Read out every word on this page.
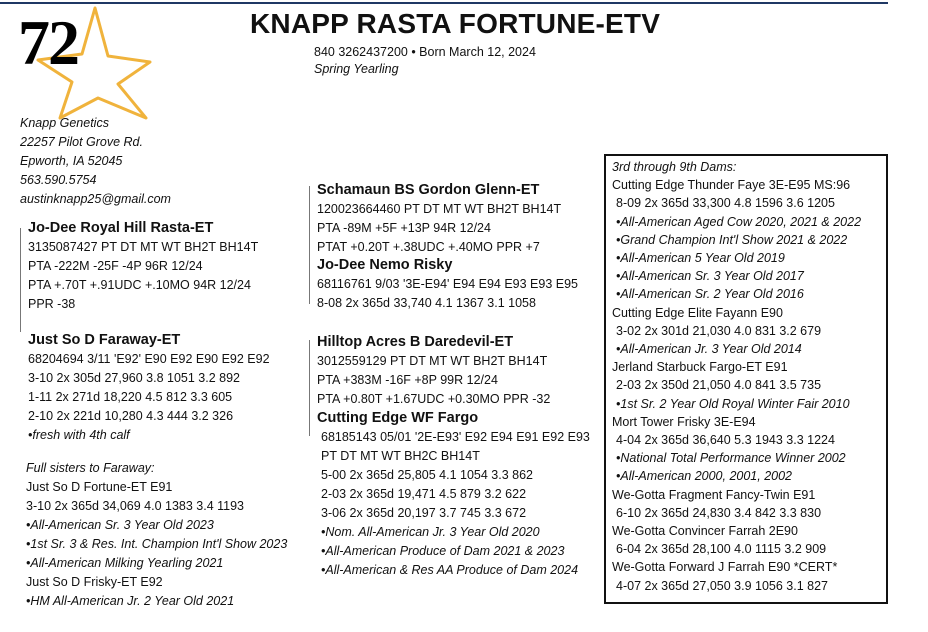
72	KNAPP RASTA FORTUNE-ETV
840 3262437200 • Born March 12, 2024
Spring Yearling
Knapp Genetics
22257 Pilot Grove Rd.
Epworth, IA 52045
563.590.5754
austinknapp25@gmail.com
Jo-Dee Royal Hill Rasta-ET
3135087427 PT DT MT WT BH2T BH14T
PTA -222M -25F -4P 96R 12/24
PTA +.70T +.91UDC +.10MO 94R 12/24
PPR -38
Just So D Faraway-ET
68204694 3/11 'E92' E90 E92 E90 E92 E92
3-10 2x 305d 27,960 3.8 1051 3.2 892
1-11 2x 271d 18,220 4.5 812 3.3 605
2-10 2x 221d 10,280 4.3 444 3.2 326
•fresh with 4th calf
Full sisters to Faraway:
Just So D Fortune-ET E91
3-10 2x 365d 34,069 4.0 1383 3.4 1193
•All-American Sr. 3 Year Old 2023
•1st Sr. 3 & Res. Int. Champion Int'l Show 2023
•All-American Milking Yearling 2021
Just So D Frisky-ET E92
•HM All-American Jr. 2 Year Old 2021
Schamaun BS Gordon Glenn-ET
120023664460 PT DT MT WT BH2T BH14T
PTA -89M +5F +13P 94R 12/24
PTAT +0.20T +.38UDC +.40MO PPR +7
Jo-Dee Nemo Risky
68116761 9/03 '3E-E94' E94 E94 E93 E93 E95
8-08 2x 365d 33,740 4.1 1367 3.1 1058
Hilltop Acres B Daredevil-ET
3012559129 PT DT MT WT BH2T BH14T
PTA +383M -16F +8P 99R 12/24
PTA +0.80T +1.67UDC +0.30MO PPR -32
Cutting Edge WF Fargo
68185143 05/01 '2E-E93' E92 E94 E91 E92 E93
PT DT MT WT BH2C BH14T
5-00 2x 365d 25,805 4.1 1054 3.3 862
2-03 2x 365d 19,471 4.5 879 3.2 622
3-06 2x 365d 20,197 3.7 745 3.3 672
•Nom. All-American Jr. 3 Year Old 2020
•All-American Produce of Dam 2021 & 2023
•All-American & Res AA Produce of Dam 2024
3rd through 9th Dams:
Cutting Edge Thunder Faye 3E-E95 MS:96
8-09 2x 365d 33,300 4.8 1596 3.6 1205
•All-American Aged Cow 2020, 2021 & 2022
•Grand Champion Int'l Show 2021 & 2022
•All-American 5 Year Old 2019
•All-American Sr. 3 Year Old 2017
•All-American Sr. 2 Year Old 2016
Cutting Edge Elite Fayann E90
3-02 2x 301d 21,030 4.0 831 3.2 679
•All-American Jr. 3 Year Old 2014
Jerland Starbuck Fargo-ET E91
2-03 2x 350d 21,050 4.0 841 3.5 735
•1st Sr. 2 Year Old Royal Winter Fair 2010
Mort Tower Frisky 3E-E94
4-04 2x 365d 36,640 5.3 1943 3.3 1224
•National Total Performance Winner 2002
•All-American 2000, 2001, 2002
We-Gotta Fragment Fancy-Twin E91
6-10 2x 365d 24,830 3.4 842 3.3 830
We-Gotta Convincer Farrah 2E90
6-04 2x 365d 28,100 4.0 1115 3.2 909
We-Gotta Forward J Farrah E90 *CERT*
4-07 2x 365d 27,050 3.9 1056 3.1 827
